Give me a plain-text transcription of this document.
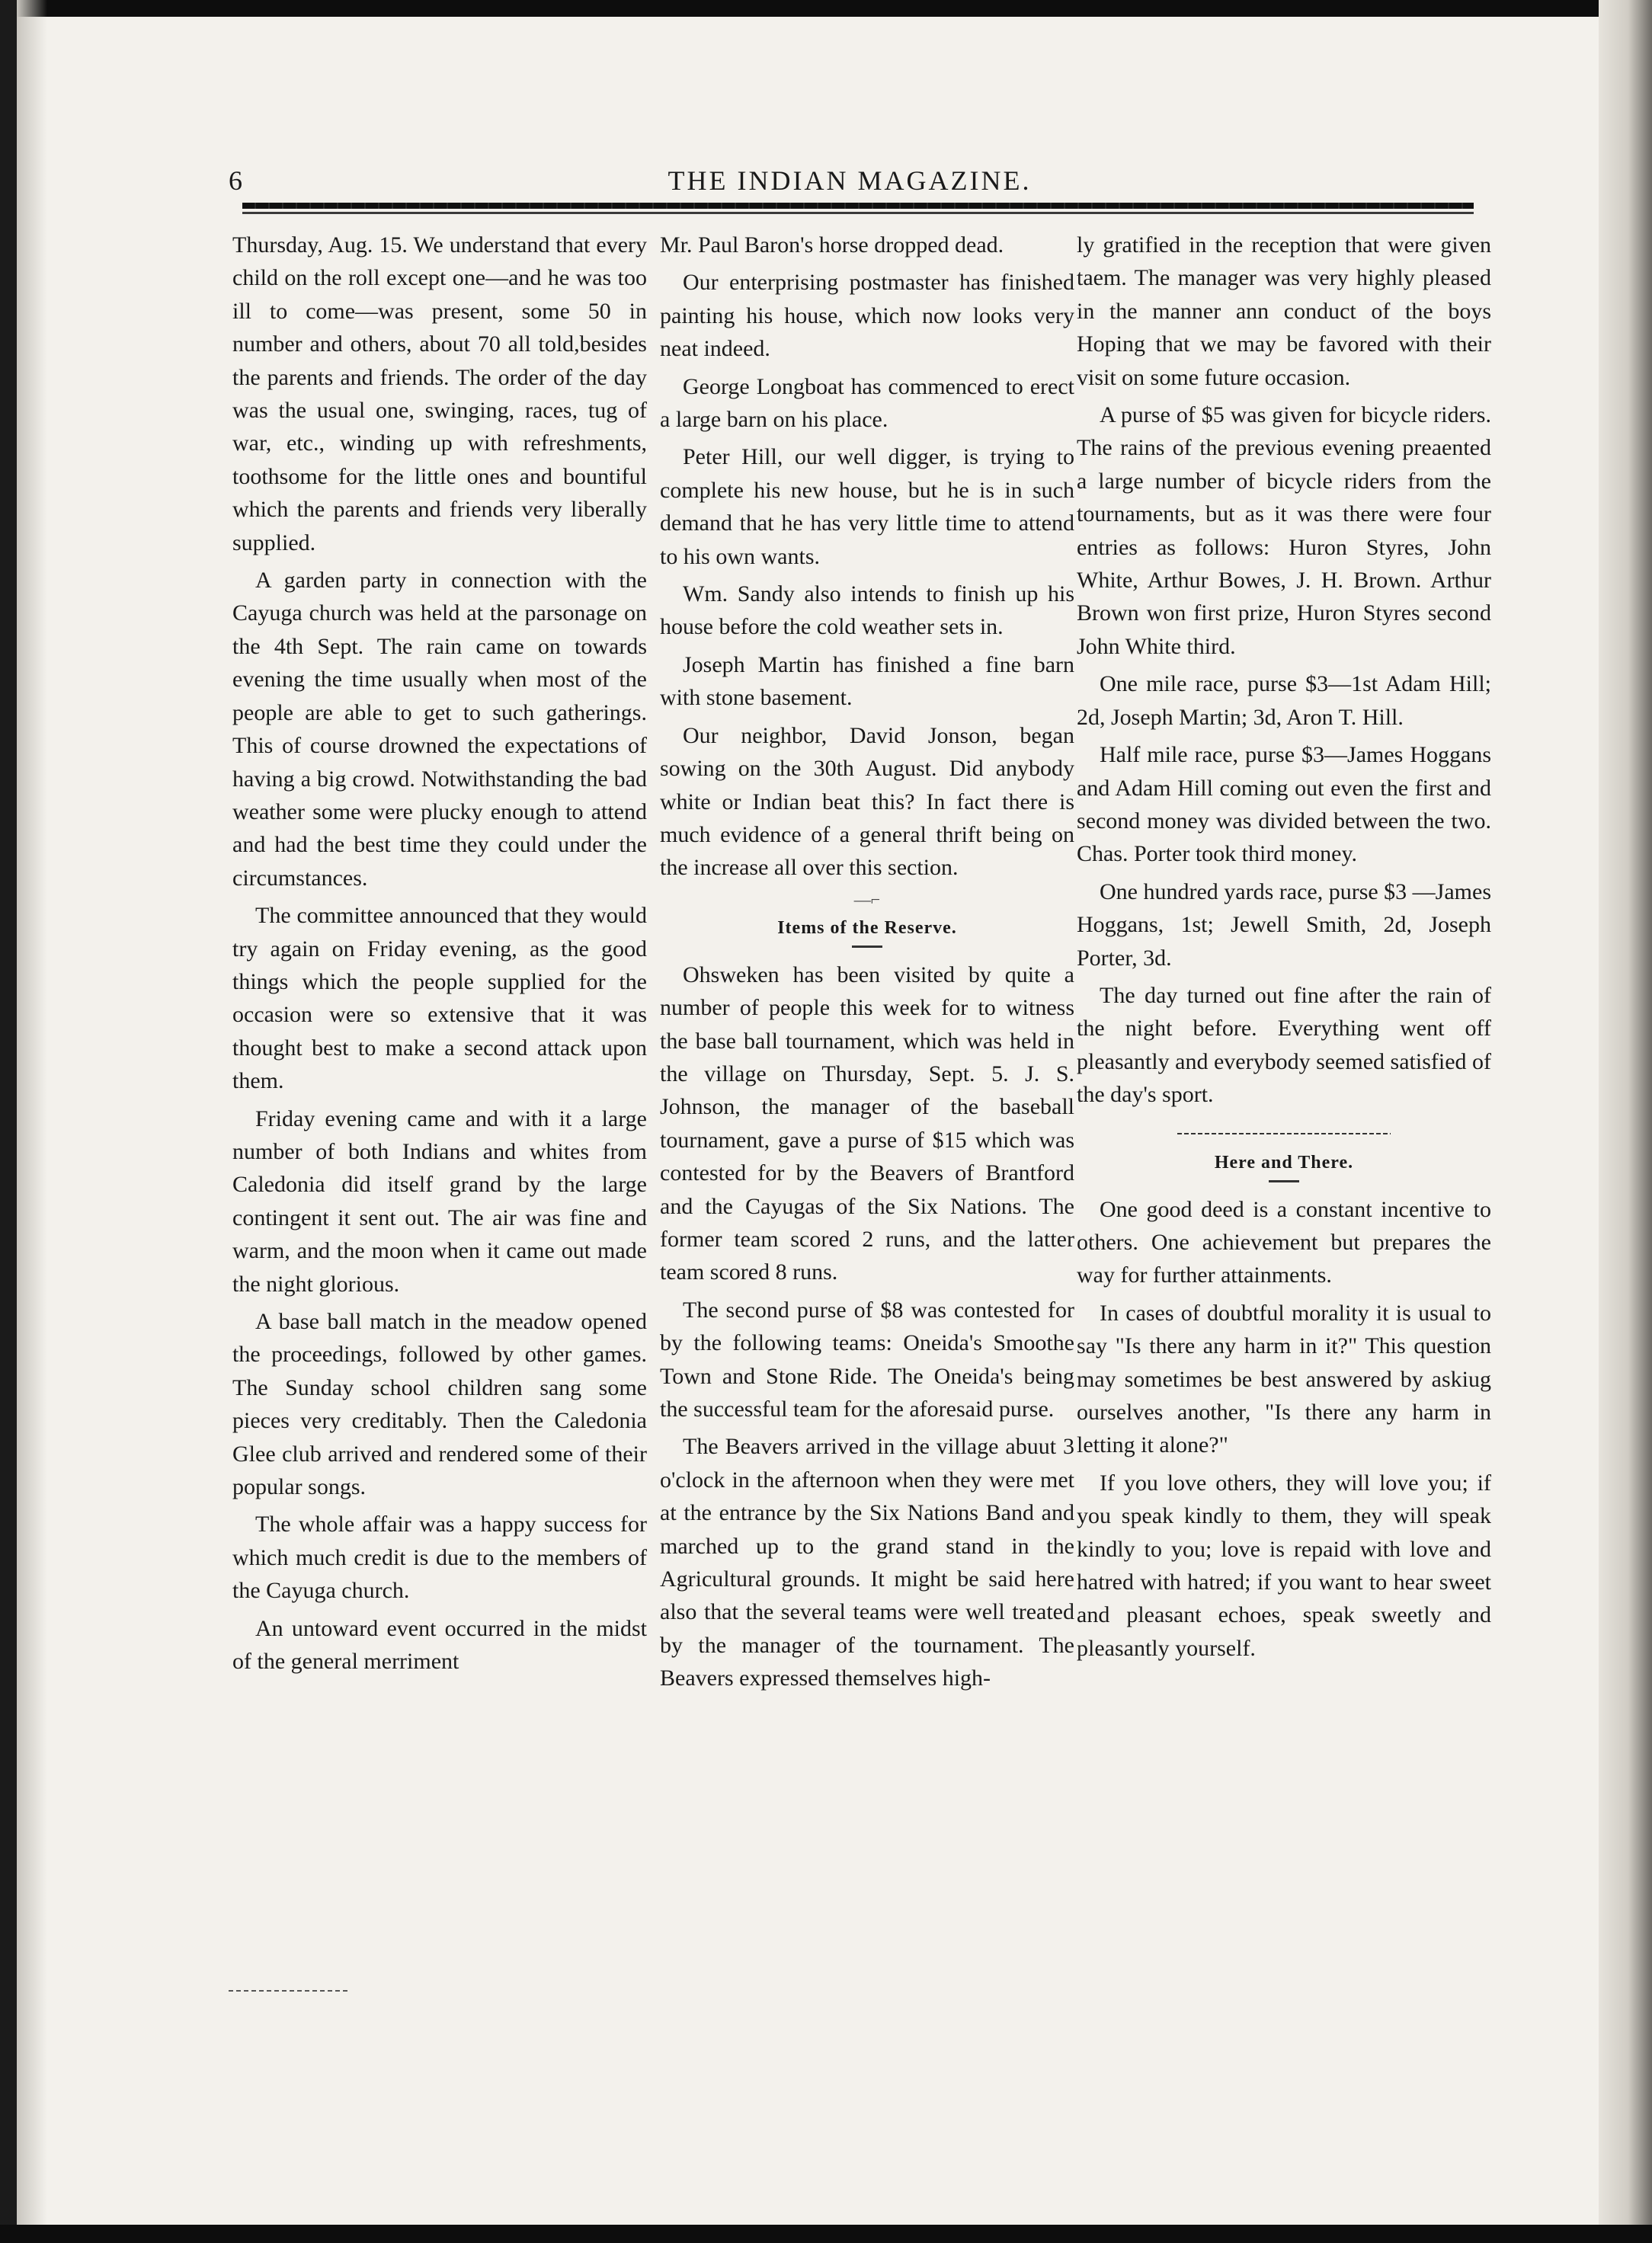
6	THE INDIAN MAGAZINE.

Thursday, Aug. 15. We understand that every child on the roll except one—and he was too ill to come—was present, some 50 in number and others, about 70 all told,besides the parents and friends. The order of the day was the usual one, swinging, races, tug of war, etc., winding up with refreshments, toothsome for the little ones and bountiful which the parents and friends very liberally supplied.

A garden party in connection with the Cayuga church was held at the parsonage on the 4th Sept. The rain came on towards evening the time usually when most of the people are able to get to such gatherings. This of course drowned the expectations of having a big crowd. Notwithstanding the bad weather some were plucky enough to attend and had the best time they could under the circumstances.

The committee announced that they would try again on Friday evening, as the good things which the people supplied for the occasion were so extensive that it was thought best to make a second attack upon them.

Friday evening came and with it a large number of both Indians and whites from Caledonia did itself grand by the large contingent it sent out. The air was fine and warm, and the moon when it came out made the night glorious.

A base ball match in the meadow opened the proceedings, followed by other games. The Sunday school children sang some pieces very creditably. Then the Caledonia Glee club arrived and rendered some of their popular songs.

The whole affair was a happy success for which much credit is due to the members of the Cayuga church.

An untoward event occurred in the midst of the general merriment

Mr. Paul Baron's horse dropped dead.

Our enterprising postmaster has finished painting his house, which now looks very neat indeed.

George Longboat has commenced to erect a large barn on his place.

Peter Hill, our well digger, is trying to complete his new house, but he is in such demand that he has very little time to attend to his own wants.

Wm. Sandy also intends to finish up his house before the cold weather sets in.

Joseph Martin has finished a fine barn with stone basement.

Our neighbor, David Jonson, began sowing on the 30th August. Did anybody white or Indian beat this? In fact there is much evidence of a general thrift being on the increase all over this section.

—⌐
Items of the Reserve.

Ohsweken has been visited by quite a number of people this week for to witness the base ball tournament, which was held in the village on Thursday, Sept. 5. J. S. Johnson, the manager of the baseball tournament, gave a purse of $15 which was contested for by the Beavers of Brantford and the Cayugas of the Six Nations. The former team scored 2 runs, and the latter team scored 8 runs.

The second purse of $8 was contested for by the following teams: Oneida's Smoothe Town and Stone Ride. The Oneida's being the successful team for the aforesaid purse.

The Beavers arrived in the village abuut 3 o'clock in the afternoon when they were met at the entrance by the Six Nations Band and marched up to the grand stand in the Agricultural grounds. It might be said here also that the several teams were well treated by the manager of the tournament. The Beavers expressed themselves high-

ly gratified in the reception that were given taem. The manager was very highly pleased in the manner ann conduct of the boys Hoping that we may be favored with their visit on some future occasion.

A purse of $5 was given for bicycle riders. The rains of the previous evening preaented a large number of bicycle riders from the tournaments, but as it was there were four entries as follows: Huron Styres, John White, Arthur Bowes, J. H. Brown. Arthur Brown won first prize, Huron Styres second John White third.

One mile race, purse $3—1st Adam Hill; 2d, Joseph Martin; 3d, Aron T. Hill.

Half mile race, purse $3—James Hoggans and Adam Hill coming out even the first and second money was divided between the two. Chas. Porter took third money.

One hundred yards race, purse $3 —James Hoggans, 1st; Jewell Smith, 2d, Joseph Porter, 3d.

The day turned out fine after the rain of the night before. Everything went off pleasantly and everybody seemed satisfied of the day's sport.

Here and There.

One good deed is a constant incentive to others. One achievement but prepares the way for further attainments.

In cases of doubtful morality it is usual to say "Is there any harm in it?" This question may sometimes be best answered by askiug ourselves another, "Is there any harm in letting it alone?"

If you love others, they will love you; if you speak kindly to them, they will speak kindly to you; love is repaid with love and hatred with hatred; if you want to hear sweet and pleasant echoes, speak sweetly and pleasantly yourself.
